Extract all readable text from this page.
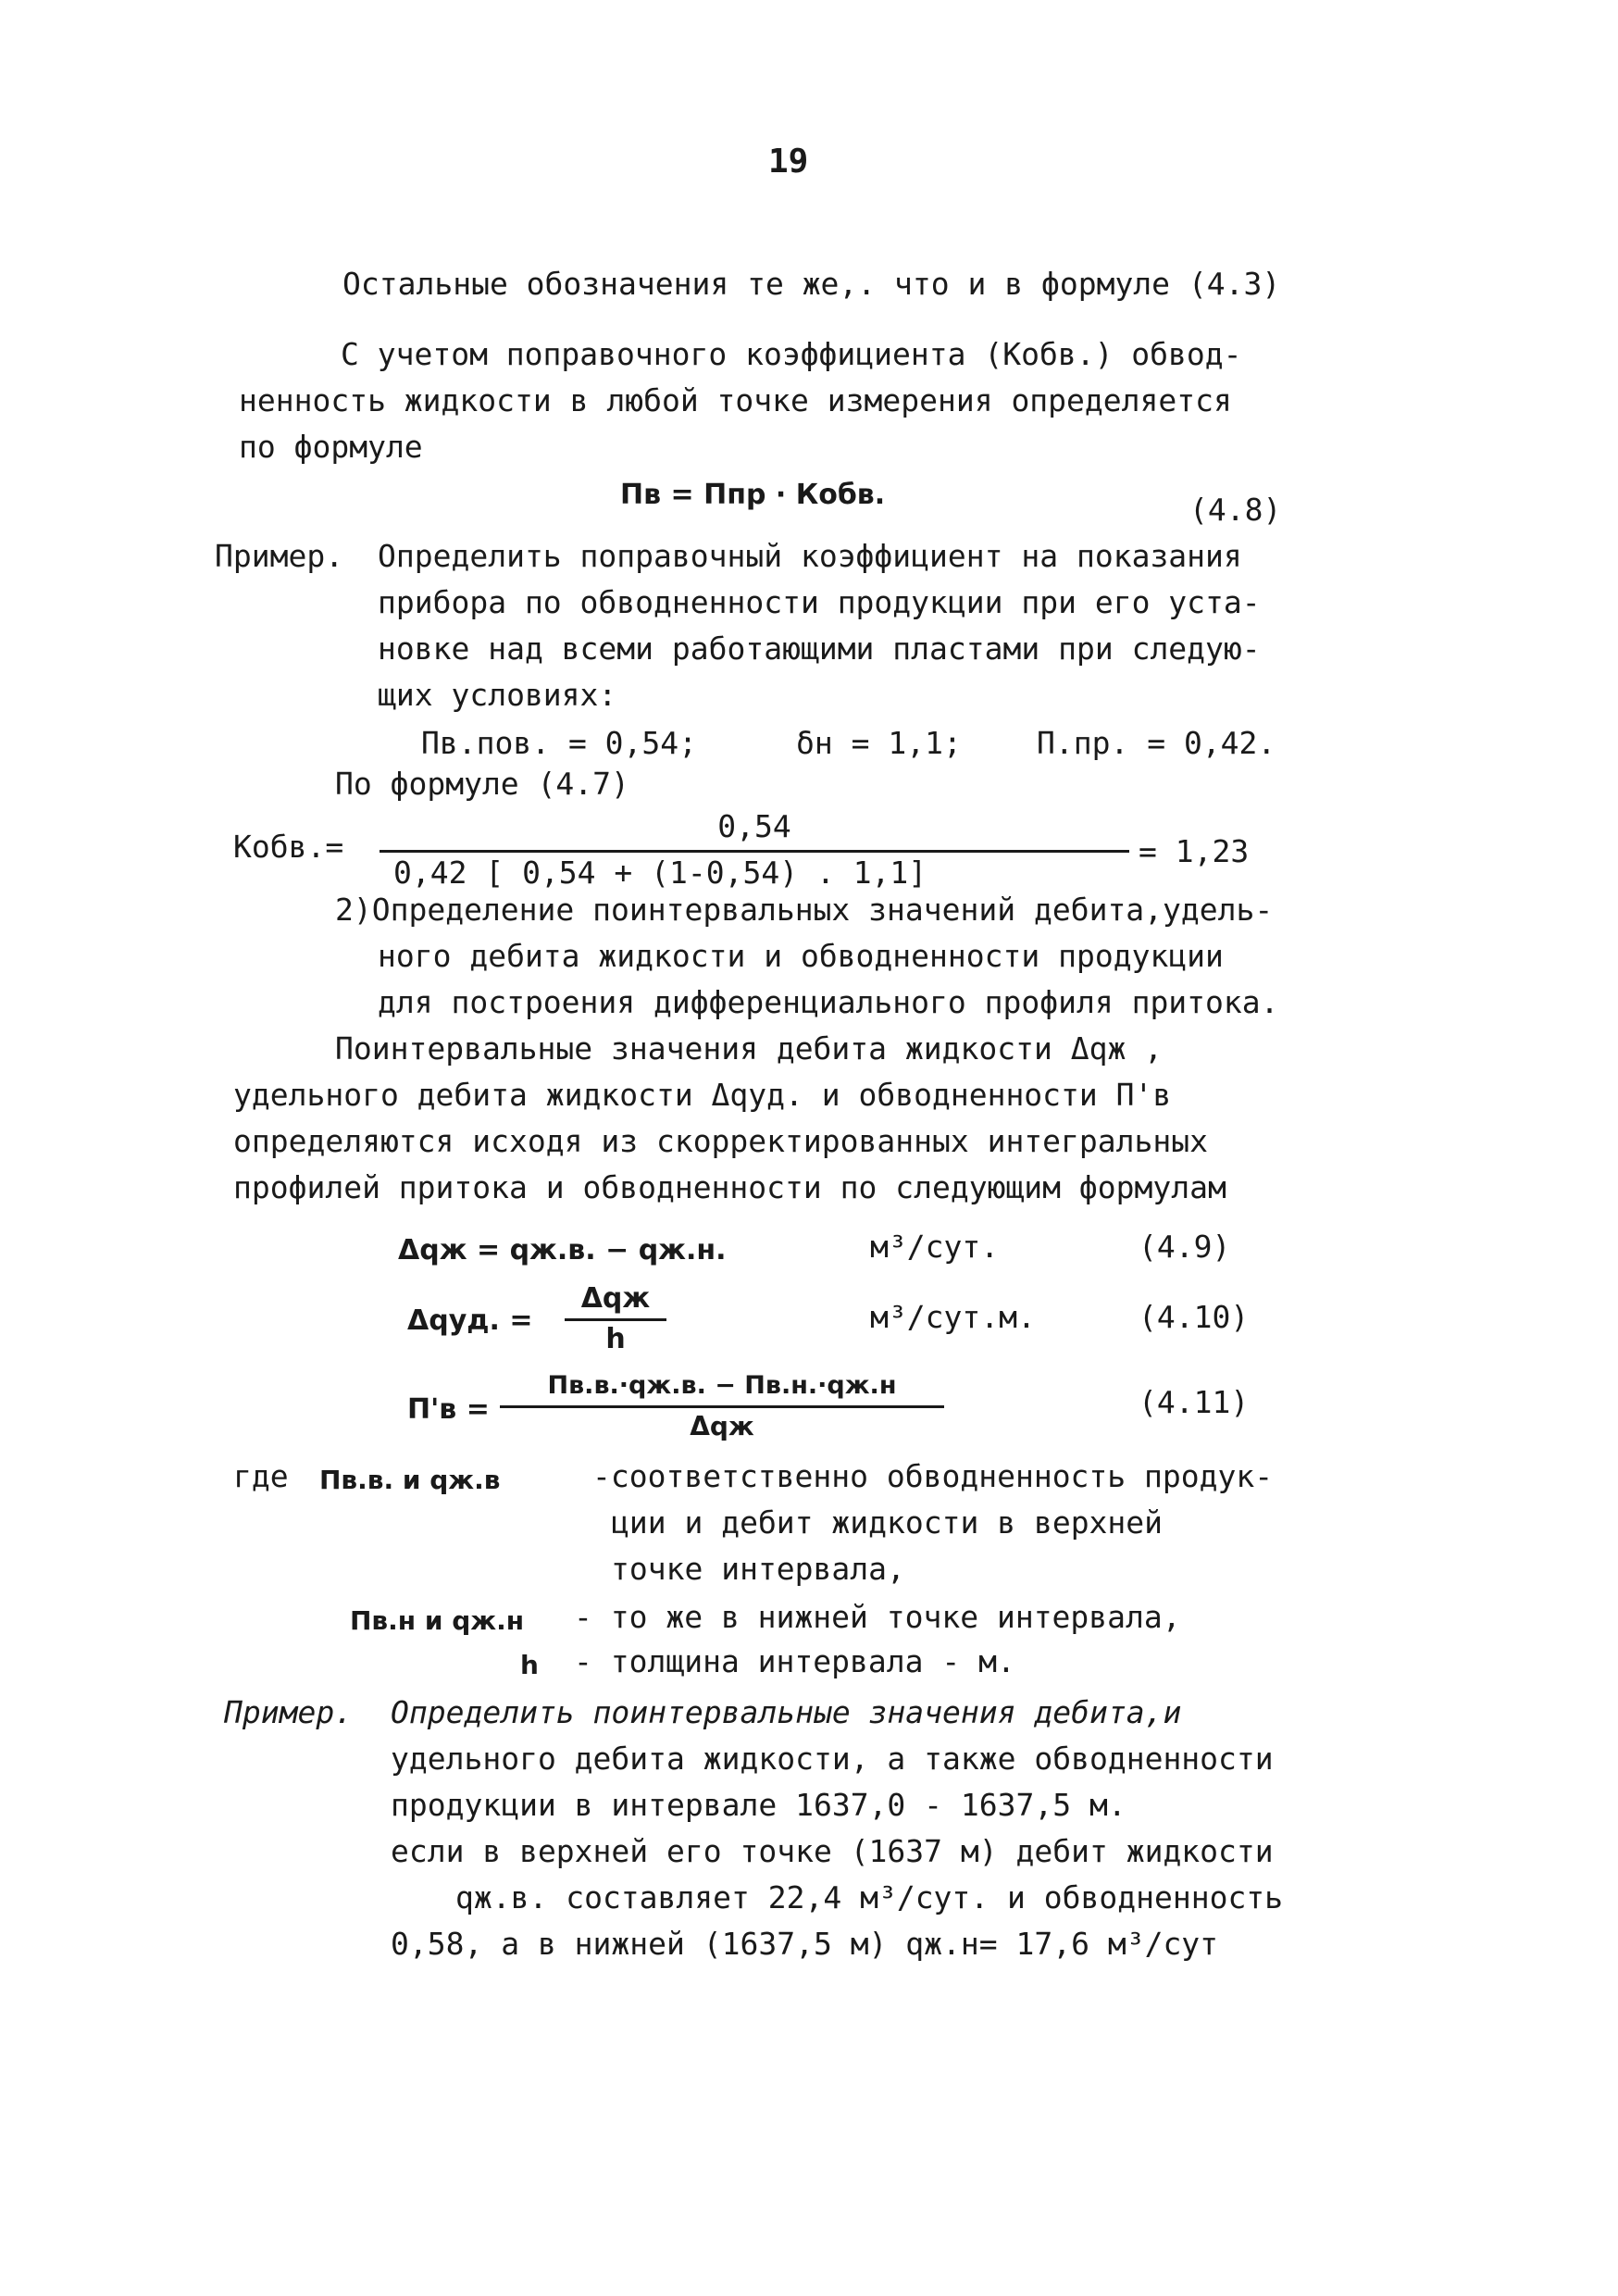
19
Остальные обозначения те же,. что и в формуле (4.3)
С учетом поправочного коэффициента (Кобв.) обвод-
ненность жидкости в любой точке измерения определяется
по формуле
Пв = Ппр · Кобв.	(4.8)
Пример. Определить поправочный коэффициент на показания
прибора по обводненности продукции при его уста-
новке над всеми работающими пластами при следую-
щих условиях:
Пв.пов. = 0,54;	δн = 1,1; П.пр. = 0,42.
По формуле (4.7)
Кобв.=
0,54
0,42 [ 0,54 + (1-0,54) . 1,1]
= 1,23
2)Определение поинтервальных значений дебита,удель-
ного дебита жидкости и обводненности продукции
для построения дифференциального профиля притока.
Поинтервальные значения дебита жидкости Δqж ,
удельного дебита жидкости Δqуд. и обводненности П'в
определяются исходя из скорректированных интегральных
профилей притока и обводненности по следующим формулам
Δqж = qж.в. − qж.н.	м³/сут.	(4.9)
Δqуд. =
Δqж
h
м³/сут.м.	(4.10)
П'в =
Пв.в.·qж.в. − Пв.н.·qж.н
Δqж
(4.11)
где Пв.в. и qж.в	-соответственно обводненность продук-
ции и дебит жидкости в верхней
точке интервала,
Пв.н и qж.н - то же в нижней точке интервала,
h - толщина интервала - м.
Пример. Определить поинтервальные значения дебита,и
удельного дебита жидкости, а также обводненности
продукции в интервале 1637,0 - 1637,5 м.
если в верхней его точке (1637 м) дебит жидкости
qж.в. составляет 22,4 м³/сут. и обводненность
0,58, а в нижней (1637,5 м) qж.н= 17,6 м³/сут
